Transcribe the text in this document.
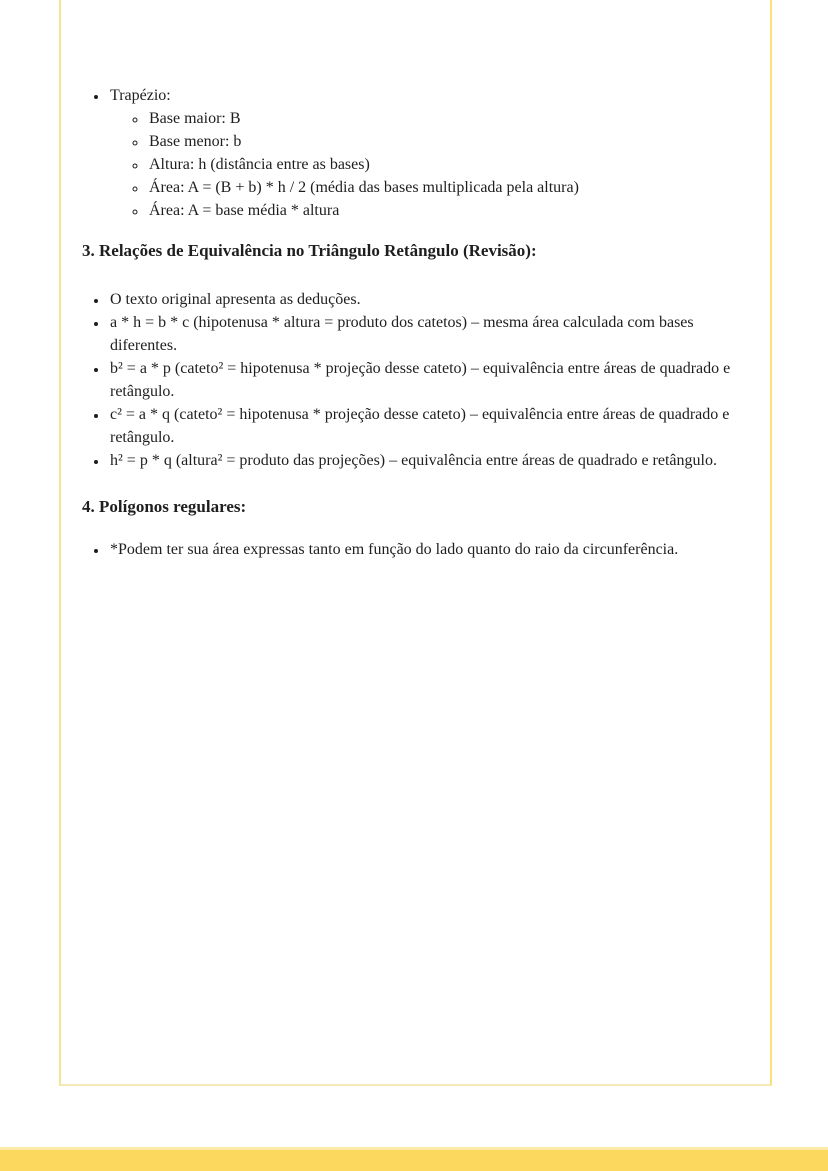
• Trapézio:
◦ Base maior: B
◦ Base menor: b
◦ Altura: h (distância entre as bases)
◦ Área: A = (B + b) * h / 2 (média das bases multiplicada pela altura)
◦ Área: A = base média * altura
3. Relações de Equivalência no Triângulo Retângulo (Revisão):
• O texto original apresenta as deduções.
• a * h = b * c (hipotenusa * altura = produto dos catetos) – mesma área calculada com bases diferentes.
• b² = a * p (cateto² = hipotenusa * projeção desse cateto) – equivalência entre áreas de quadrado e retângulo.
• c² = a * q (cateto² = hipotenusa * projeção desse cateto) – equivalência entre áreas de quadrado e retângulo.
• h² = p * q (altura² = produto das projeções) – equivalência entre áreas de quadrado e retângulo.
4. Polígonos regulares:
• *Podem ter sua área expressas tanto em função do lado quanto do raio da circunferência.
